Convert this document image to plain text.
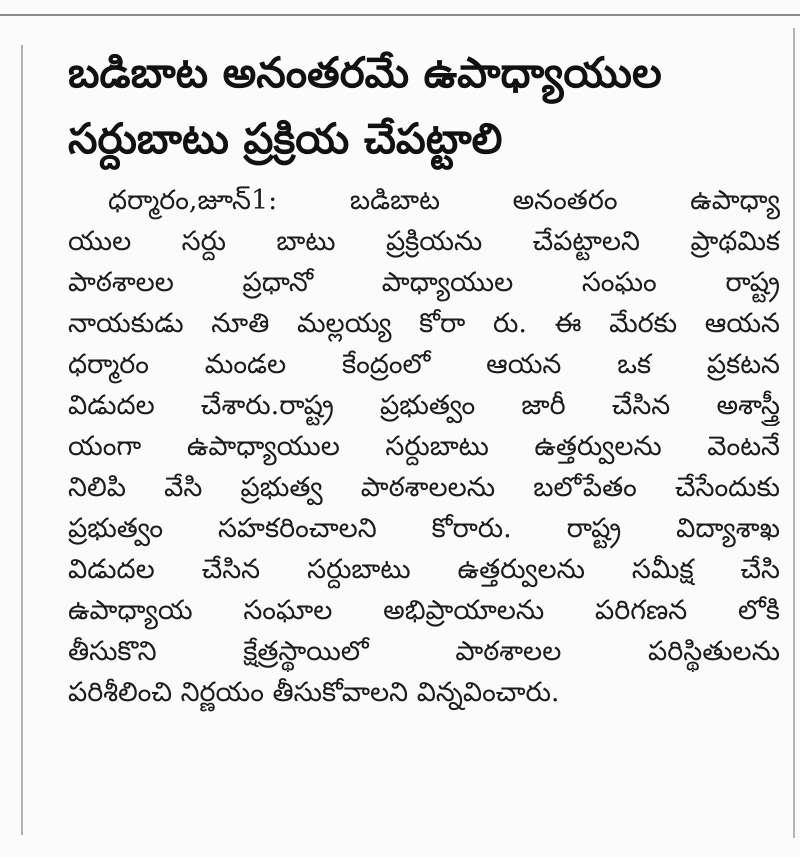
బడిబాట అనంతరమే ఉపాధ్యాయుల
సర్దుబాటు ప్రక్రియ చేపట్టాలి
ధర్మారం,జూన్1: బడిబాట అనంతరం ఉపాధ్యా
యుల సర్దు బాటు ప్రక్రియను చేపట్టాలని ప్రాథమిక
పాఠశాలల ప్రధానో పాధ్యాయుల సంఘం రాష్ట్ర
నాయకుడు నూతి మల్లయ్య కోరా రు. ఈ మేరకు ఆయన
ధర్మారం మండల కేంద్రంలో ఆయన ఒక ప్రకటన
విడుదల చేశారు.రాష్ట్ర ప్రభుత్వం జారీ చేసిన అశాస్త్రీ
యంగా ఉపాధ్యాయుల సర్దుబాటు ఉత్తర్వులను వెంటనే
నిలిపి వేసి ప్రభుత్వ పాఠశాలలను బలోపేతం చేసేందుకు
ప్రభుత్వం సహకరించాలని కోరారు. రాష్ట్ర విద్యాశాఖ
విడుదల చేసిన సర్దుబాటు ఉత్తర్వులను సమీక్ష చేసి
ఉపాధ్యాయ సంఘాల అభిప్రాయాలను పరిగణన లోకి
తీసుకొని క్షేత్రస్థాయిలో పాఠశాలల పరిస్థితులను
పరిశీలించి నిర్ణయం తీసుకోవాలని విన్నవించారు.
